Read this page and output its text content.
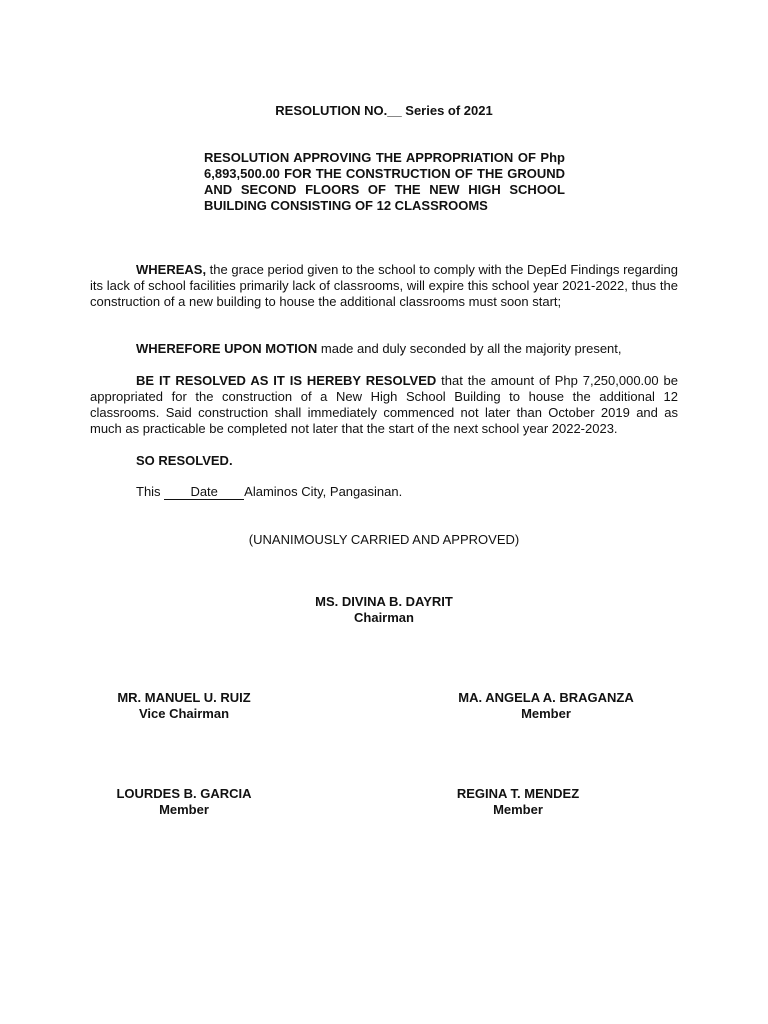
RESOLUTION NO.__ Series of 2021
RESOLUTION APPROVING THE APPROPRIATION OF Php 6,893,500.00 FOR THE CONSTRUCTION OF THE GROUND AND SECOND FLOORS OF THE NEW HIGH SCHOOL BUILDING CONSISTING OF 12 CLASSROOMS
WHEREAS, the grace period given to the school to comply with the DepEd Findings regarding its lack of school facilities primarily lack of classrooms, will expire this school year 2021-2022, thus the construction of a new building to house the additional classrooms must soon start;
WHEREFORE UPON MOTION made and duly seconded by all the majority present,
BE IT RESOLVED AS IT IS HEREBY RESOLVED that the amount of Php 7,250,000.00 be appropriated for the construction of a New High School Building to house the additional 12 classrooms. Said construction shall immediately commenced not later than October 2019 and as much as practicable be completed not later that the start of the next school year 2022-2023.
SO RESOLVED.
This Date Alaminos City, Pangasinan.
(UNANIMOUSLY CARRIED AND APPROVED)
MS. DIVINA B. DAYRIT
Chairman
MR. MANUEL U. RUIZ
Vice Chairman
MA. ANGELA A. BRAGANZA
Member
LOURDES B. GARCIA
Member
REGINA T. MENDEZ
Member
